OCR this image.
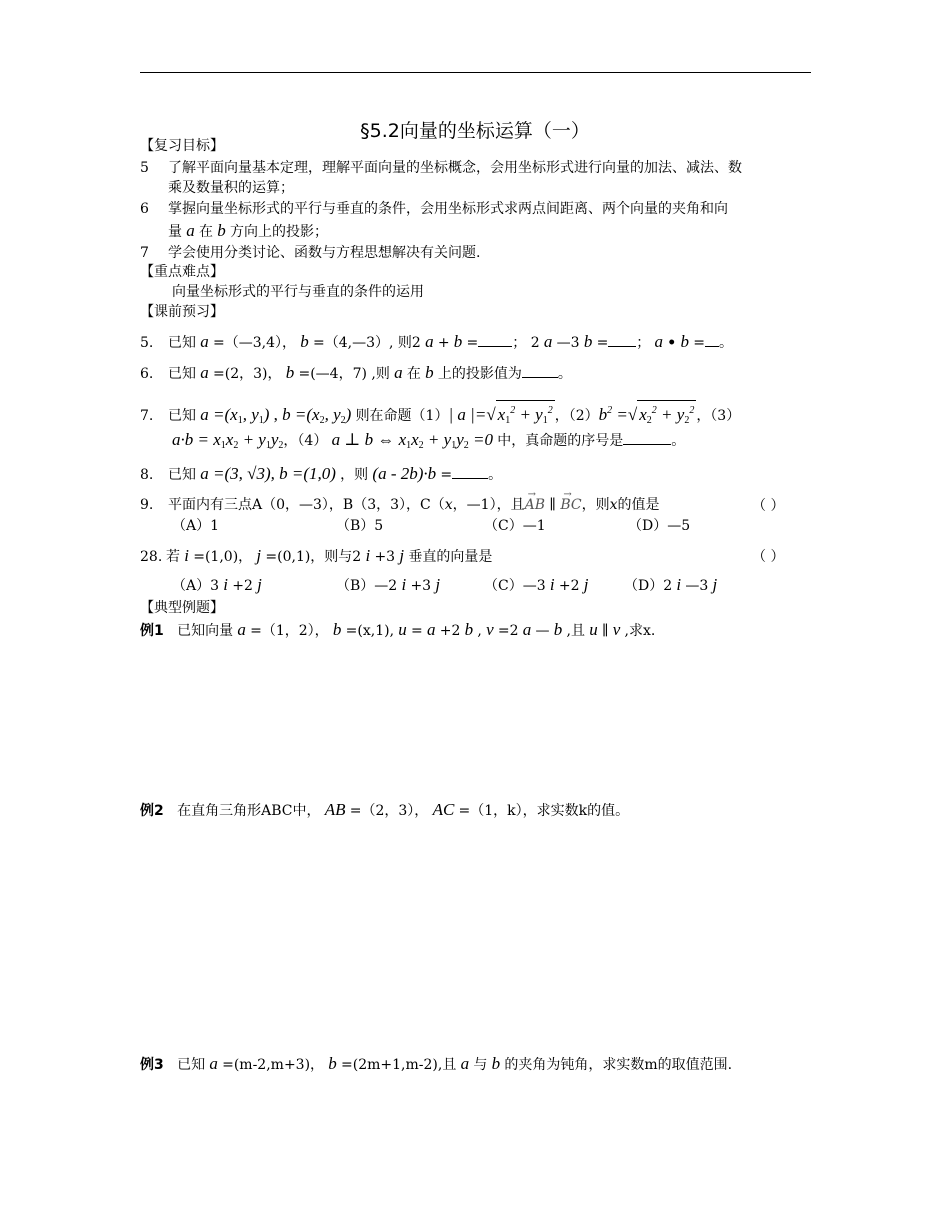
§5.2向量的坐标运算（一）
【复习目标】
5 了解平面向量基本定理，理解平面向量的坐标概念，会用坐标形式进行向量的加法、减法、数
乘及数量积的运算；
6 掌握向量坐标形式的平行与垂直的条件，会用坐标形式求两点间距离、两个向量的夹角和向
量 a 在 b 方向上的投影；
7 学会使用分类讨论、函数与方程思想解决有关问题.
【重点难点】
向量坐标形式的平行与垂直的条件的运用
【课前预习】
5. 已知 a =（—3,4）， b =（4,—3）, 则2 a + b = ； 2 a —3 b = ； a • b = 。
6. 已知 a =(2，3)， b =(—4，7) ,则 a 在 b 上的投影值为	。
7. 已知 $a =(x_1$, $y_1$) , $b =(x_2$, $y_2$) 则在命题（1）| a |=√ $x_1^2 + y_1^2$ ，$(2)b^2$ =√ $x_2^2 + y_2^2$ ，（3）
$a\cdot b = x_1x_2 + y_1y_2$，（4） a ⊥ b ⇔ $x_1x_2 + y_1y_2 =0$ 中，真命题的序号是	。
8. 已知 a =(3, √3), b =(1,0) ，则 (a - 2b)·b =	。
9. 平面内有三点A（0，—3），B（3，3），C（x，—1），且→ AB ∥ → BC，则x的值是	（ ）
（A）1	（B）5	（C）—1	（D）—5
28. 若 i =(1,0)， j =(0,1)，则与2 i +3 j 垂直的向量是	（ ）
（A）3 i +2 j	（B）—2 i +3 j	（C）—3 i +2 j	（D）2 i —3 j
【典型例题】
例1 已知向量 a =（1，2）， b =(x,1), u = a +2 b , v =2 a — b ,且 u ∥ v ,求x.
例2 在直角三角形ABC中， AB =（2，3）， AC =（1，k），求实数k的值。
例3 已知 a =(m-2,m+3)， b =(2m+1,m-2),且 a 与 b 的夹角为钝角，求实数m的取值范围.
